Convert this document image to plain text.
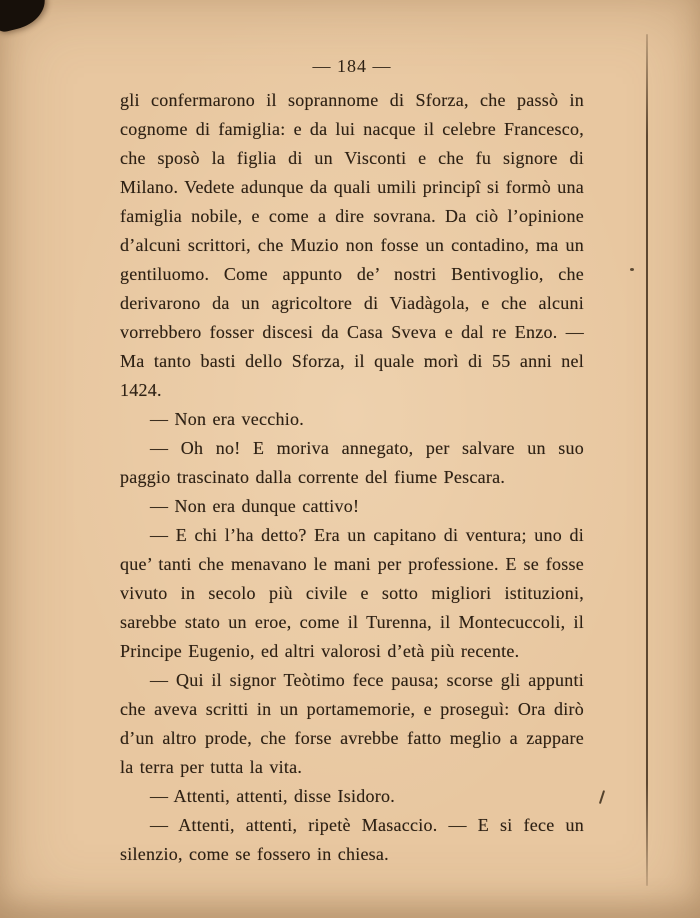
— 184 —

gli confermarono il soprannome di Sforza, che passò in cognome di famiglia: e da lui nacque il celebre Francesco, che sposò la figlia di un Visconti e che fu signore di Milano. Vedete adunque da quali umili principî si formò una famiglia nobile, e come a dire sovrana. Da ciò l’opinione d’alcuni scrittori, che Muzio non fosse un contadino, ma un gentiluomo. Come appunto de’ nostri Bentivoglio, che derivarono da un agricoltore di Viadàgola, e che alcuni vorrebbero fosser discesi da Casa Sveva e dal re Enzo. — Ma tanto basti dello Sforza, il quale morì di 55 anni nel 1424.

— Non era vecchio.

— Oh no! E moriva annegato, per salvare un suo paggio trascinato dalla corrente del fiume Pescara.

— Non era dunque cattivo!

— E chi l’ha detto? Era un capitano di ventura; uno di que’ tanti che menavano le mani per professione. E se fosse vivuto in secolo più civile e sotto migliori istituzioni, sarebbe stato un eroe, come il Turenna, il Montecuccoli, il Principe Eugenio, ed altri valorosi d’età più recente.

— Qui il signor Teòtimo fece pausa; scorse gli appunti che aveva scritti in un portamemorie, e proseguì: Ora dirò d’un altro prode, che forse avrebbe fatto meglio a zappare la terra per tutta la vita.

— Attenti, attenti, disse Isidoro.

— Attenti, attenti, ripetè Masaccio. — E si fece un silenzio, come se fossero in chiesa.
